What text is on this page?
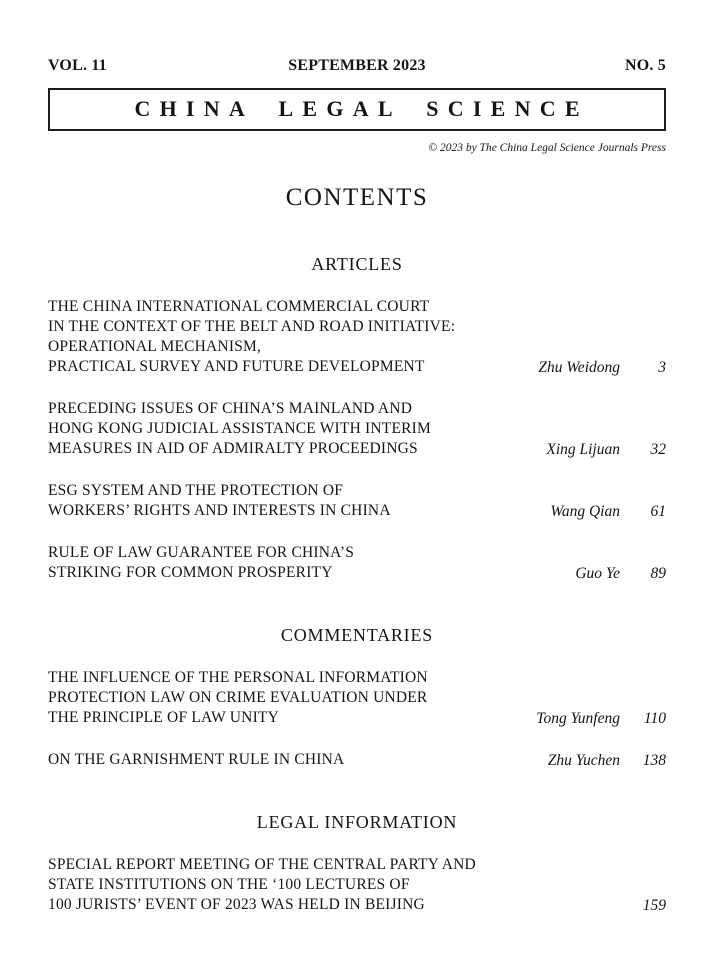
VOL. 11	SEPTEMBER 2023	NO. 5
CHINA LEGAL SCIENCE
© 2023 by The China Legal Science Journals Press
CONTENTS
ARTICLES
THE CHINA INTERNATIONAL COMMERCIAL COURT
IN THE CONTEXT OF THE BELT AND ROAD INITIATIVE:
OPERATIONAL MECHANISM,
PRACTICAL SURVEY AND FUTURE DEVELOPMENT	Zhu Weidong 3
PRECEDING ISSUES OF CHINA’S MAINLAND AND
HONG KONG JUDICIAL ASSISTANCE WITH INTERIM
MEASURES IN AID OF ADMIRALTY PROCEEDINGS	Xing Lijuan 32
ESG SYSTEM AND THE PROTECTION OF
WORKERS’ RIGHTS AND INTERESTS IN CHINA	Wang Qian 61
RULE OF LAW GUARANTEE FOR CHINA’S
STRIKING FOR COMMON PROSPERITY	Guo Ye 89
COMMENTARIES
THE INFLUENCE OF THE PERSONAL INFORMATION
PROTECTION LAW ON CRIME EVALUATION UNDER
THE PRINCIPLE OF LAW UNITY	Tong Yunfeng 110
ON THE GARNISHMENT RULE IN CHINA	Zhu Yuchen 138
LEGAL INFORMATION
SPECIAL REPORT MEETING OF THE CENTRAL PARTY AND
STATE INSTITUTIONS ON THE ‘100 LECTURES OF
100 JURISTS’ EVENT OF 2023 WAS HELD IN BEIJING	159
